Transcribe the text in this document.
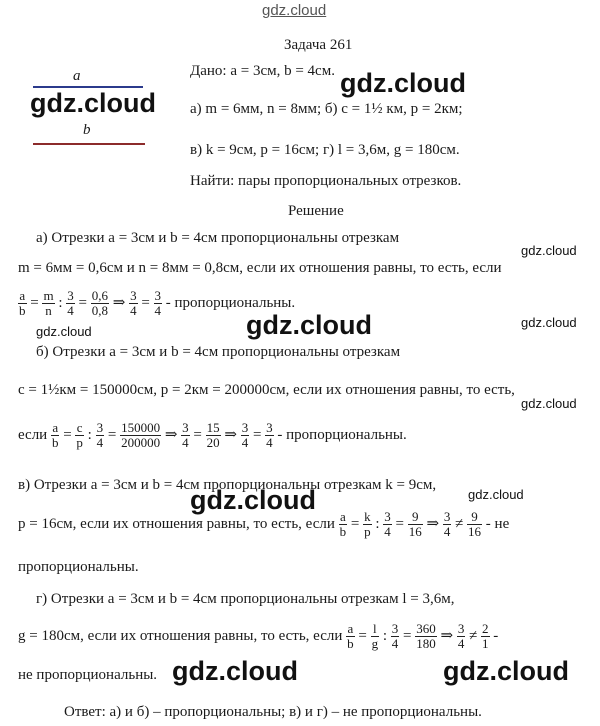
gdz.cloud
a
gdz.cloud
b
Задача 261
Дано: a = 3см, b = 4см. gdz.cloud
а) m = 6мм, n = 8мм; б) c = 1½ км, p = 2км;
в) k = 9см, p = 16см; г) l = 3,6м, g = 180см.
Найти: пары пропорциональных отрезков.
Решение
а) Отрезки a = 3см и b = 4см пропорциональны отрезкам
gdz.cloud
m = 6мм = 0,6см и n = 8мм = 0,8см, если их отношения равны, то есть, если
$\frac{a}{b} = \frac{m}{n}$ : $\frac{3}{4} = \frac{0,6}{0,8}$ ⇒ $\frac{3}{4} = \frac{3}{4}$ - пропорциональны.
gdz.cloud	gdz.cloud	gdz.cloud
б) Отрезки a = 3см и b = 4см пропорциональны отрезкам
c = 1½км = 150000см, p = 2км = 200000см, если их отношения равны, то есть,
gdz.cloud
если $\frac{a}{b} = \frac{c}{p}$ : $\frac{3}{4} = \frac{150000}{200000}$ ⇒ $\frac{3}{4} = \frac{15}{20}$ ⇒ $\frac{3}{4} = \frac{3}{4}$ - пропорциональны.
в) Отрезки a = 3см и b = 4см пропорциональны отрезкам k = 9см,
gdz.cloud	gdz.cloud
p = 16см, если их отношения равны, то есть, если $\frac{a}{b} = \frac{k}{p}$ : $\frac{3}{4} = \frac{9}{16}$ ⇒ $\frac{3}{4} \ne \frac{9}{16}$ - не
пропорциональны.
г) Отрезки a = 3см и b = 4см пропорциональны отрезкам l = 3,6м,
g = 180см, если их отношения равны, то есть, если $\frac{a}{b} = \frac{l}{g}$ : $\frac{3}{4} = \frac{360}{180}$ ⇒ $\frac{3}{4} \ne \frac{2}{1}$ -
не пропорциональны. gdz.cloud	gdz.cloud
Ответ: а) и б) – пропорциональны; в) и г) – не пропорциональны.
